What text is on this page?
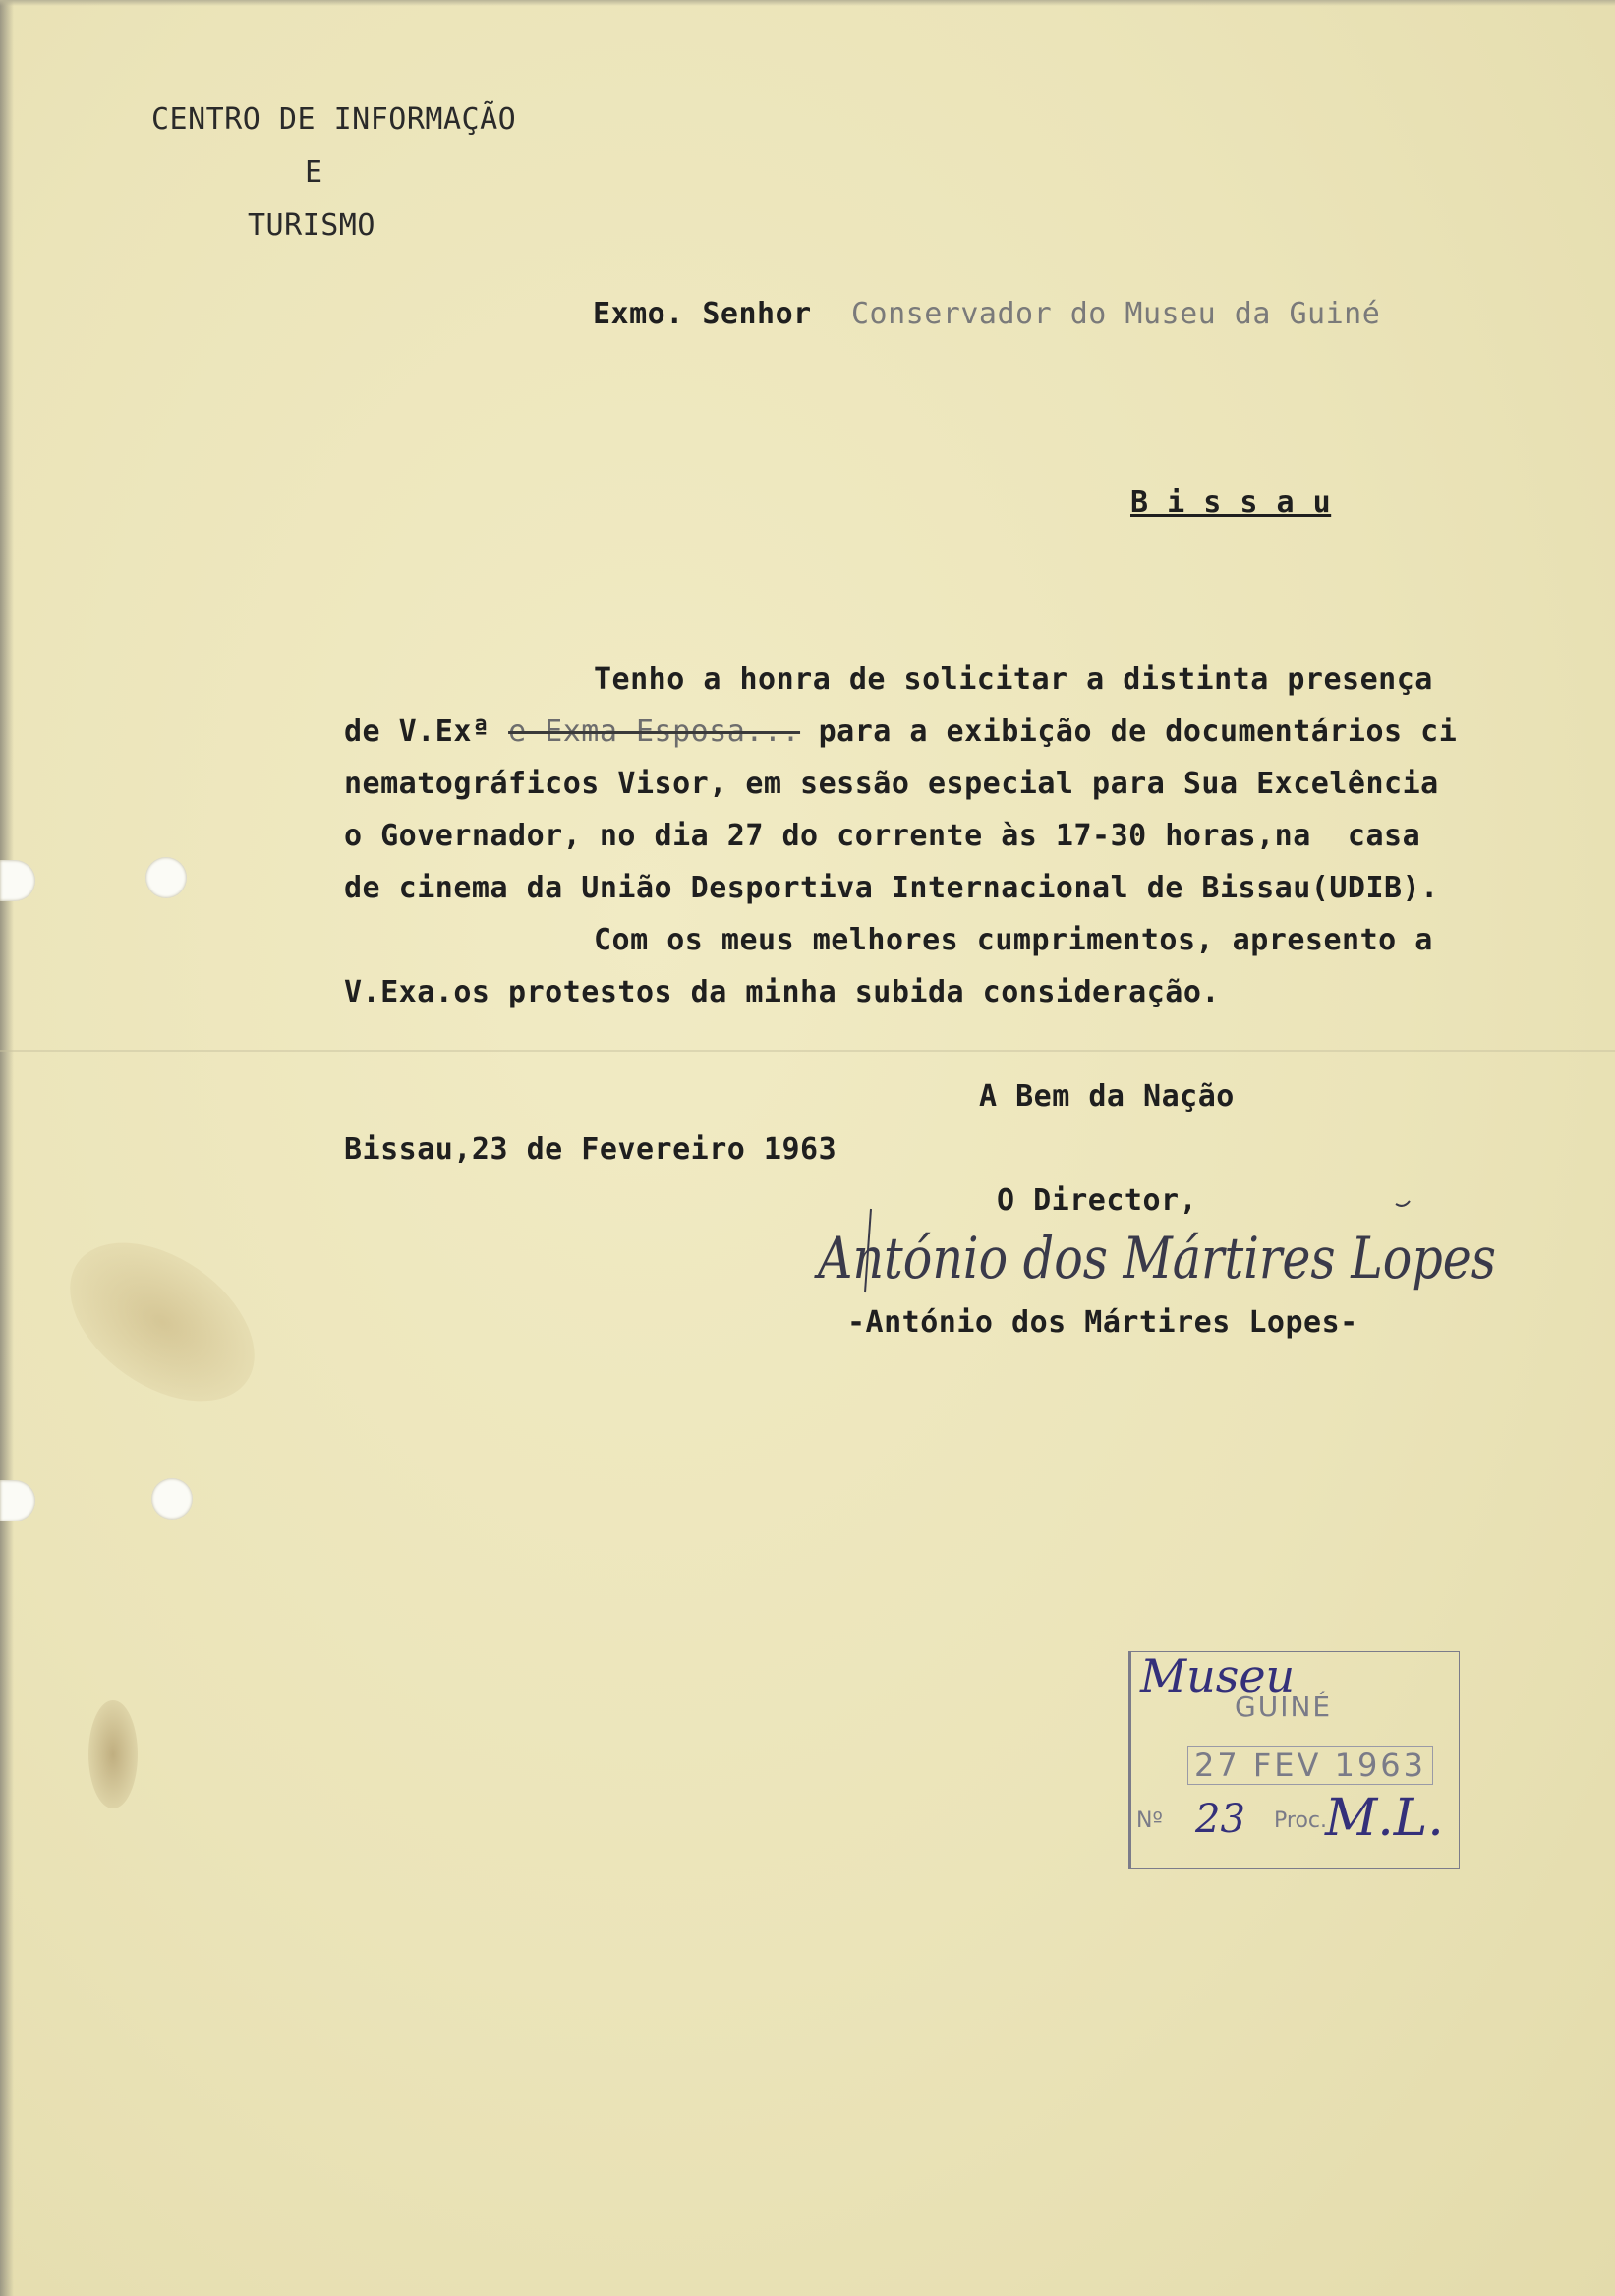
CENTRO DE INFORMAÇÃO
E
TURISMO
Exmo. Senhor Conservador do Museu da Guiné
B i s s a u
Tenho a honra de solicitar a distinta presença
de V.Exª e Exma Esposa... para a exibição de documentários ci
nematográficos Visor, em sessão especial para Sua Excelência
o Governador, no dia 27 do corrente às 17-30 horas,na  casa
de cinema da União Desportiva Internacional de Bissau(UDIB).
Com os meus melhores cumprimentos, apresento a
V.Exa.os protestos da minha subida consideração.
A Bem da Nação
Bissau,23 de Fevereiro 1963
O Director,
António dos Mártires Lopes
-António dos Mártires Lopes-
Museu
GUINÉ
27 FEV 1963
Nº 23 Proc.
M.L.
